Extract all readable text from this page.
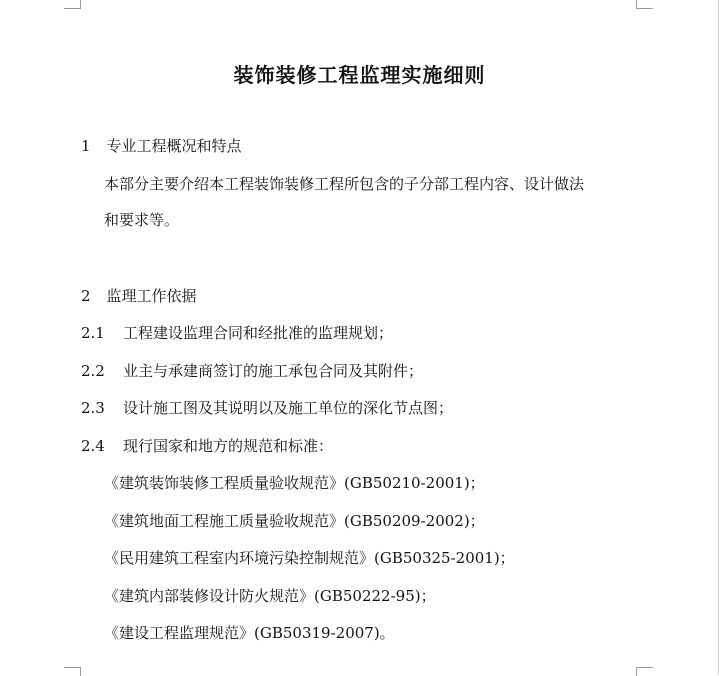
装饰装修工程监理实施细则
1 专业工程概况和特点
本部分主要介绍本工程装饰装修工程所包含的子分部工程内容、设计做法
和要求等。
2 监理工作依据
2.1 工程建设监理合同和经批准的监理规划；
2.2 业主与承建商签订的施工承包合同及其附件；
2.3 设计施工图及其说明以及施工单位的深化节点图；
2.4 现行国家和地方的规范和标准：
《建筑装饰装修工程质量验收规范》(GB50210-2001)；
《建筑地面工程施工质量验收规范》(GB50209-2002)；
《民用建筑工程室内环境污染控制规范》(GB50325-2001)；
《建筑内部装修设计防火规范》(GB50222-95)；
《建设工程监理规范》(GB50319-2007)。
